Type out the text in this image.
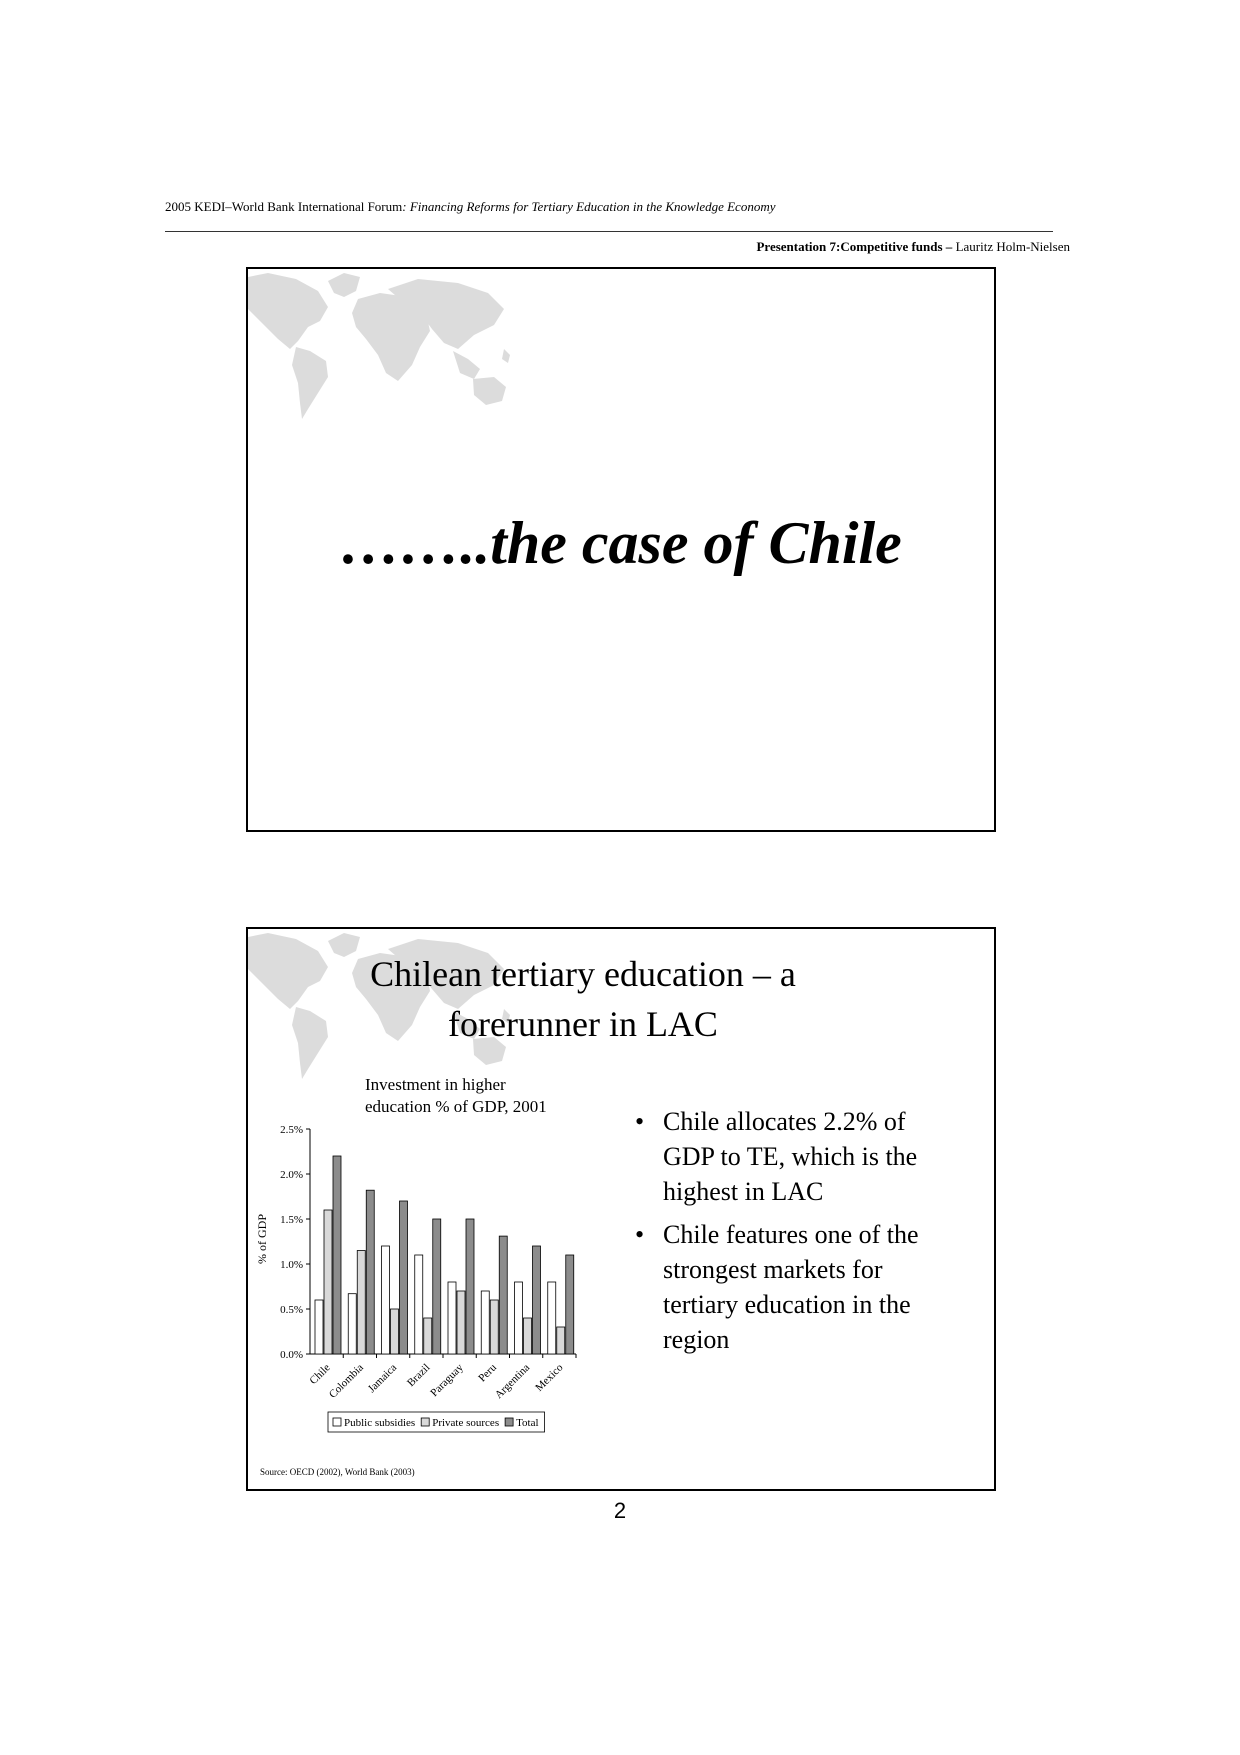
2005 KEDI–World Bank International Forum: Financing Reforms for Tertiary Education in the Knowledge Economy
Presentation 7:Competitive funds – Lauritz Holm-Nielsen
……..the case of Chile
Chilean tertiary education – a
forerunner in LAC
Investment in higher
education % of GDP, 2001
% of GDP
0.0%
0.5%
1.0%
1.5%
2.0%
2.5%
Chile
Colombia Jamaica Brazil
Paraguay Peru
Argentina Mexico
Public subsidies Private sources Total
• Chile allocates 2.2% of GDP to TE, which is the highest in LAC
• Chile features one of the strongest markets for tertiary education in the region
Source: OECD (2002), World Bank (2003)
2
